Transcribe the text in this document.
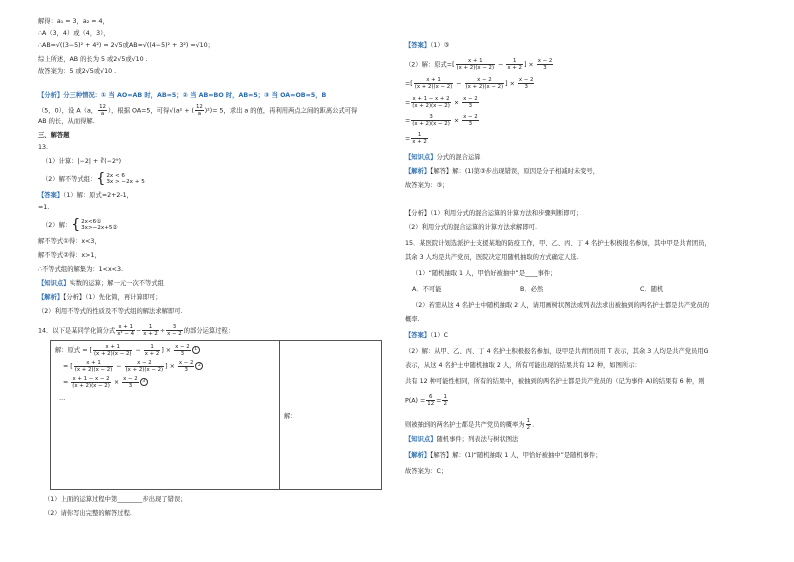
解得：a₁ = 3，a₂ = 4，
∴A（3，4）或（4，3），
∴AB=√((3−5)² + 4²) = 2√5或AB=√((4−5)² + 3²) =√10；
综上所述，AB 的长为 5 或2√5或√10 .
故答案为：5 或2√5或√10 .
【分析】分三种情况：① 当 AO=AB 时，AB=5；② 当 AB=BO 时，AB=5；③ 当 OA=OB=5，B
（5，0），设 A（a， $\frac{12}{a}$ ），根据 OA=5，可得√(a² + ( $\frac{12}{a} )^2)= 5$，求出 a 的值，再利用两点之间的距离公式可得
AB 的长，从而得解.
三、解答题
13.
（1）计算：|−2| + ∛(−2⁹)
（2）解不等式组：{ 2x < 6
3x > −2x + 5
【答案】（1）解：原式=2+2-1，
=1.
（2）解：{ 2x<6①
3x>−2x+5②
解不等式①得：x<3，
解不等式②得：x>1，
∴不等式组的解集为：1<x<3.
【知识点】实数的运算；解一元一次不等式组
【解析】【分析】（1）先化简，再计算即可；
（2）利用不等式的性质及不等式组的解法求解即可.
14．以下是某同学化简分式 $\frac{x + 1}{\text{x² − 4}} - \frac{1}{x + 2} \div \frac{3}{x - 2}$ 的部分运算过程：
解：原式 = [ $\frac{x + 1}{(x + 2)(x - 2)} - \frac{1}{x + 2}$ ] × $\frac{x - 2}{3} 1$
= [ $\frac{x + 1}{(x + 2)(x - 2)} - \frac{x - 2}{(x + 2)(x - 2)}$ ] × $\frac{x - 2}{3} 2$
= $\frac{x + 1 - x - 2}{(x + 2)(x - 2)} \times \frac{x - 2}{3} 3$
…
	解：
（1）上面的运算过程中第________步出现了错误；
（2）请你写出完整的解答过程.
【答案】（1）③
（2）解：原式=[ $\frac{x + 1}{(x + 2)(x - 2)} - \frac{1}{x + 2}$ ] × $\frac{x - 2}{3}$
=[ $\frac{x + 1}{(x + 2)(x - 2)} - \frac{x - 2}{(x + 2)(x - 2)}$ ] × $\frac{x - 2}{3}$
= $\frac{x + 1 - x + 2}{(x + 2)(x - 2)} \times \frac{x - 2}{3}$
= $\frac{3}{(x + 2)(x - 2)} \times \frac{x - 2}{3}$
= $\frac{1}{x + 2}$
【知识点】分式的混合运算
【解析】【解答】解：(1)第③步出现错误，原因是分子相减时未变号，
故答案为：③；
【分析】（1）利用分式的混合运算的计算方法和步骤判断即可；
（2）利用分式的混合运算的计算方法求解即可.
15．某医院计划选派护士支援某地的防疫工作，甲、乙、丙、丁 4 名护士积极报名参加，其中甲是共青团员，
其余 3 人均是共产党员，医院决定用随机抽取的方式确定人选.
（1）“随机抽取 1 人，甲恰好被抽中”是____事件；
A．不可能	B．必然	C．随机
（2）若需从这 4 名护士中随机抽取 2 人，请用画树状图法或列表法求出被抽到的两名护士都是共产党员的
概率.
【答案】（1）C
（2）解：从甲、乙、丙、丁 4 名护士积极报名参加，设甲是共青团员用 T 表示，其余 3 人均是共产党员用G
表示，从这 4 名护士中随机抽取 2 人，所有可能出现的结果共有 12 种，如图所示：
共有 12 种可能性相同，所有的结果中，被抽到的两名护士都是共产党员的（记为事件 A)的结果有 6 种，则
$P(A) = \frac{6}{12} = \frac{1}{2}$
则被抽到的两名护士都是共产党员的概率为 $\frac{1}{2}$ .
【知识点】随机事件；列表法与树状图法
【解析】【解答】解：(1)“随机抽取 1 人，甲恰好被抽中”是随机事件；
故答案为：C；
